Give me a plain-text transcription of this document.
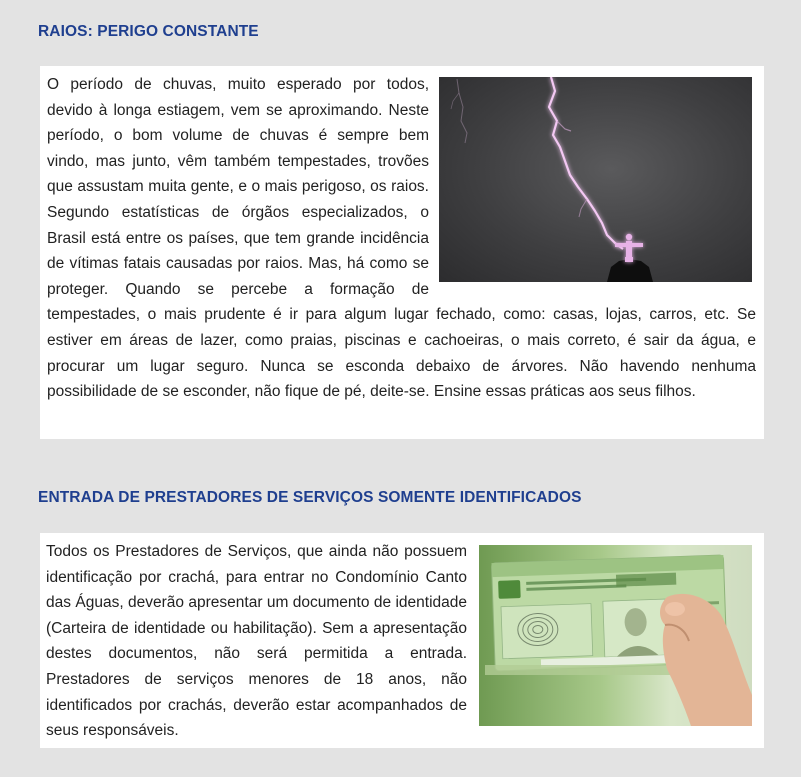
RAIOS: PERIGO CONSTANTE

O período de chuvas, muito esperado por todos, devido à longa estiagem, vem se aproximando. Neste período, o bom volume de chuvas é sempre bem vindo, mas junto, vêm também tempestades, trovões que assustam muita gente, e o mais perigoso, os raios. Segundo estatísticas de órgãos especializados, o Brasil está entre os países, que tem grande incidência de vítimas fatais causadas por raios. Mas, há como se proteger. Quando se percebe a formação de tempestades, o mais prudente é ir para algum lugar fechado, como: casas, lojas, carros, etc. Se estiver em áreas de lazer, como praias, piscinas e cachoeiras, o mais correto, é sair da água, e procurar um lugar seguro. Nunca se esconda debaixo de árvores. Não havendo nenhuma possibilidade de se esconder, não fique de pé, deite-se. Ensine essas práticas aos seus filhos.

ENTRADA DE PRESTADORES DE SERVIÇOS SOMENTE IDENTIFICADOS

Todos os Prestadores de Serviços, que ainda não possuem identificação por crachá, para entrar no Condomínio Canto das Águas, deverão apresentar um documento de identidade (Carteira de identidade ou habilitação). Sem a apresentação destes documentos, não será permitida a entrada. Prestadores de serviços menores de 18 anos, não identificados por crachás, deverão estar acompanhados de seus responsáveis.
